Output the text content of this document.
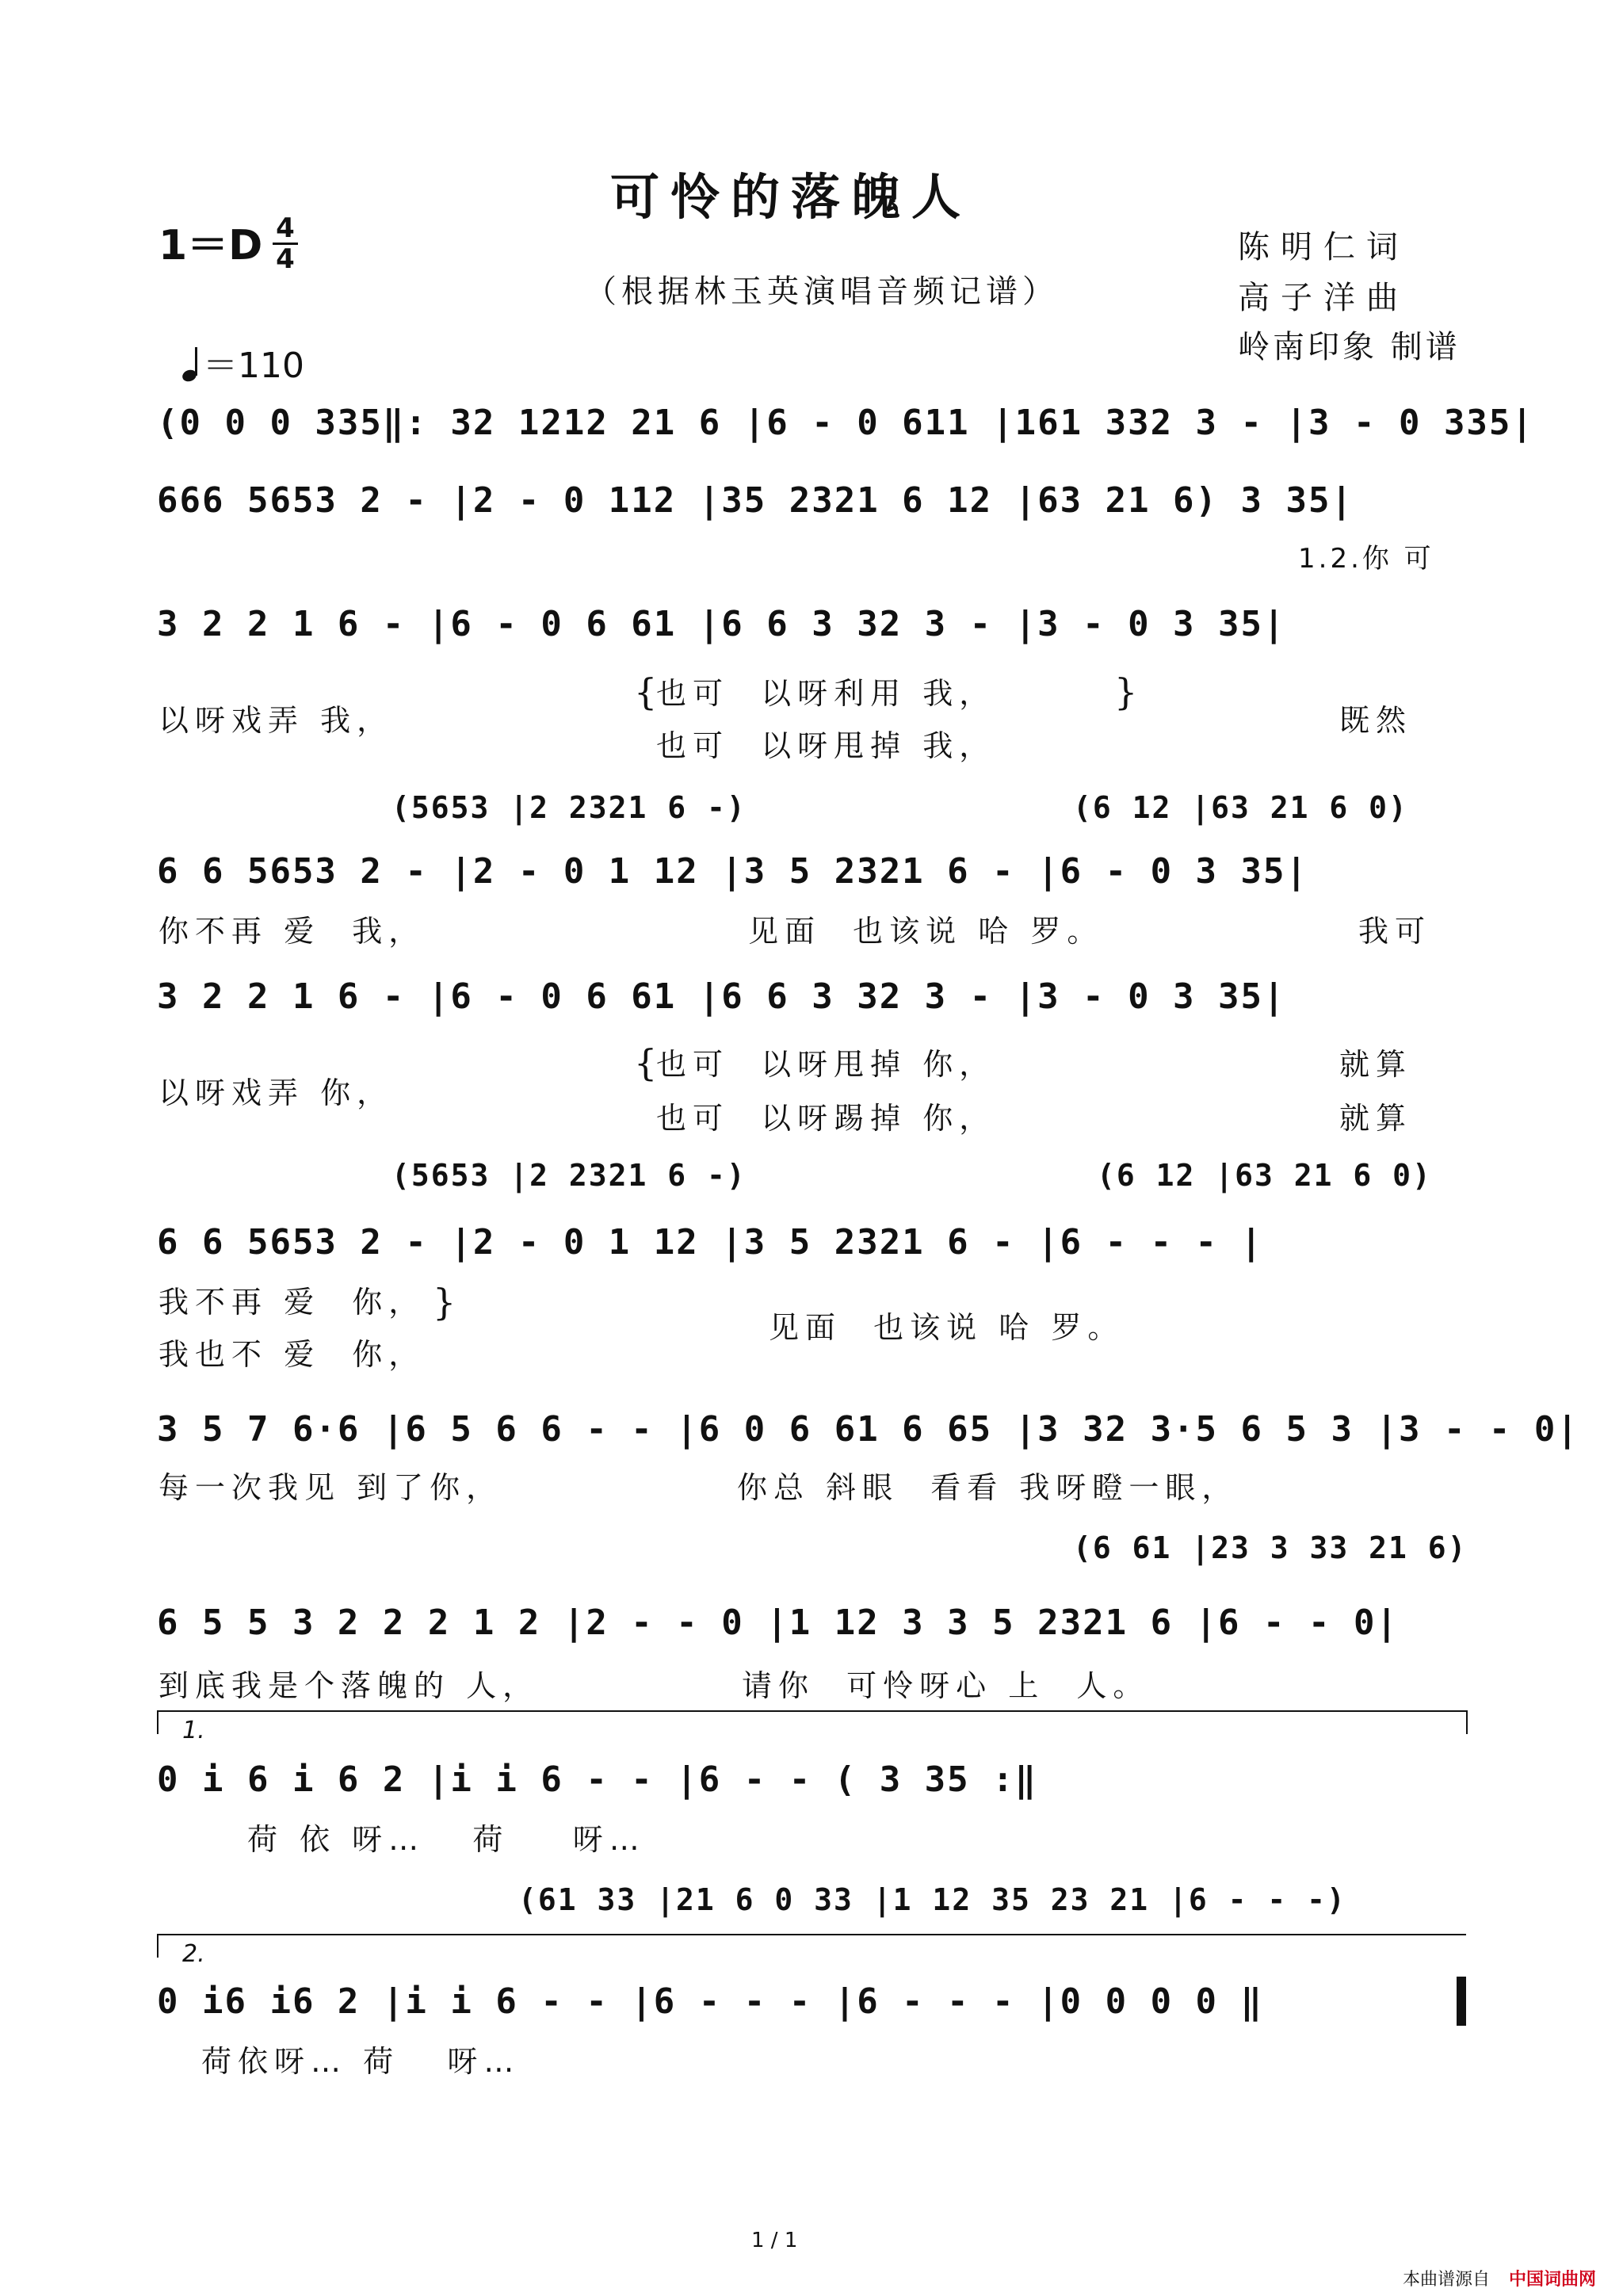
可怜的落魄人
（根据林玉英演唱音频记谱）
1＝D 4
4

＝110

陈明仁词
高子洋曲
岭南印象 制谱
(0 0 0 335‖: 32 1212 21 6 |6 - 0 611 |161 332 3 - |3 - 0 335|
666 5653 2 - |2 - 0 112 |35 2321 6 12 |63 21 6) 3 35|
1.2.你 可
3 2 2 1 6 - |6 - 0 6 61 |6 6 3 32 3 - |3 - 0 3 35|
以呀戏弄 我，
{
也可  以呀利用 我，
也可  以呀甩掉 我，
}
既然
(5653 |2 2321 6 -)	(6 12 |63 21 6 0)
6 6 5653 2 - |2 - 0 1 12 |3 5 2321 6 - |6 - 0 3 35|
你不再 爱  我，	见面  也该说 哈 罗。	我可
3 2 2 1 6 - |6 - 0 6 61 |6 6 3 32 3 - |3 - 0 3 35|
以呀戏弄 你，
{
也可  以呀甩掉 你，
也可  以呀踢掉 你，
就算
就算
(5653 |2 2321 6 -)	(6 12 |63 21 6 0)
6 6 5653 2 - |2 - 0 1 12 |3 5 2321 6 - |6 - - - |
我不再 爱  你，
我也不 爱  你，
}
见面  也该说 哈 罗。
3 5 7 6·6 |6 5 6 6 - - |6 0 6 61 6 65 |3 32 3·5 6 5 3 |3 - - 0|
每一次我见 到了你，	你总 斜眼  看看 我呀瞪一眼，
(6 61 |23 3 33 21 6)
6 5 5 3 2 2 2 1 2 |2 - - 0 |1 12 3 3 5 2321 6 |6 - - 0|
到底我是个落魄的 人，	请你  可怜呀心 上  人。
1.
0 i 6 i 6 2 |i i 6 - - |6 - - ( 3 35 :‖
荷 依 呀…   荷    呀…
(61 33 |21 6 0 33 |1 12 35 23 21 |6 - - -)
2.
0 i6 i6 2 |i i 6 - - |6 - - - |6 - - - |0 0 0 0 ‖
荷依呀… 荷   呀…
1 / 1
本曲谱源自 中国词曲网
